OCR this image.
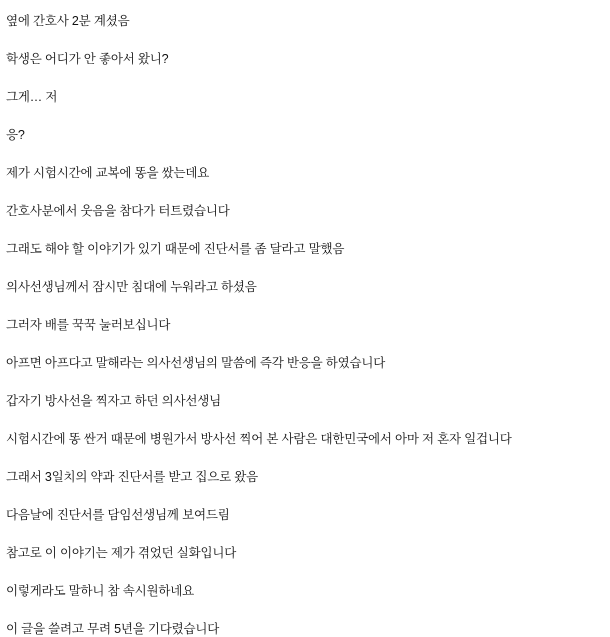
옆에 간호사 2분 계셨음

학생은 어디가 안 좋아서 왔니?

그게… 저

응?

제가 시험시간에 교복에 똥을 쌌는데요

간호사분에서 웃음을 참다가 터트렸습니다

그래도 해야 할 이야기가 있기 때문에 진단서를 좀 달라고 말했음

의사선생님께서 잠시만 침대에 누워라고 하셨음

그러자 배를 꾹꾹 눌러보십니다

아프면 아프다고 말해라는 의사선생님의 말씀에 즉각 반응을 하였습니다

갑자기 방사선을 찍자고 하던 의사선생님

시험시간에 똥 싼거 때문에 병원가서 방사선 찍어 본 사람은 대한민국에서 아마 저 혼자 일겁니다

그래서 3일치의 약과 진단서를 받고 집으로 왔음

다음날에 진단서를 담임선생님께 보여드림

참고로 이 이야기는 제가 겪었던 실화입니다

이렇게라도 말하니 참 속시원하네요

이 글을 쓸려고 무려 5년을 기다렸습니다
